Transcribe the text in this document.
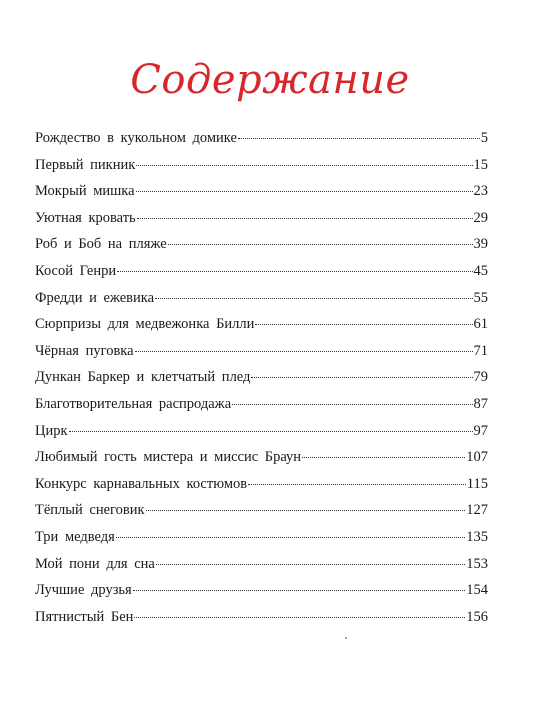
Содержание
Рождество в кукольном домике	5
Первый пикник	15
Мокрый мишка	23
Уютная кровать	29
Роб и Боб на пляже	39
Косой Генри	45
Фредди и ежевика	55
Сюрпризы для медвежонка Билли	61
Чёрная пуговка	71
Дункан Баркер и клетчатый плед	79
Благотворительная распродажа	87
Цирк	97
Любимый гость мистера и миссис Браун	107
Конкурс карнавальных костюмов	115
Тёплый снеговик	127
Три медведя	135
Мой пони для сна	153
Лучшие друзья	154
Пятнистый Бен	156
